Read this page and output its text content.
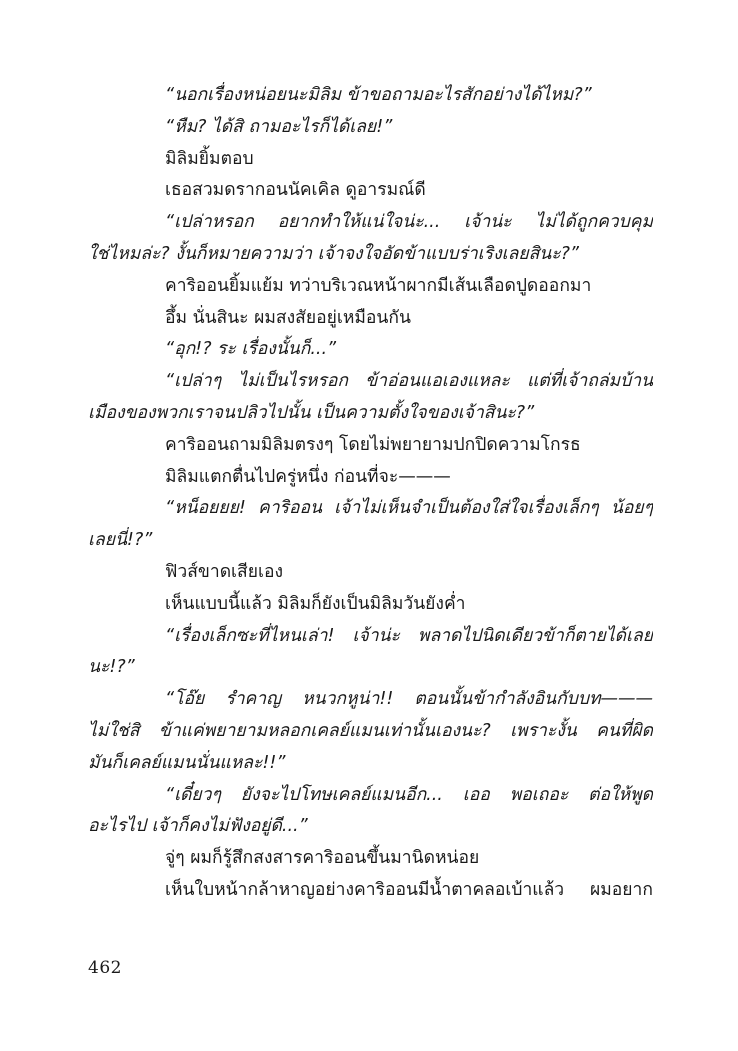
“นอกเรื่องหน่อยนะมิลิม ข้าขอถามอะไรสักอย่างได้ไหม?”
“หืม? ได้สิ ถามอะไรก็ได้เลย!”
มิลิมยิ้มตอบ
เธอสวมดรากอนนัคเคิล ดูอารมณ์ดี
“เปล่าหรอก อยากทำให้แน่ใจน่ะ... เจ้าน่ะ ไม่ได้ถูกควบคุม
ใช่ไหมล่ะ? งั้นก็หมายความว่า เจ้าจงใจอัดข้าแบบร่าเริงเลยสินะ?”
คาริออนยิ้มแย้ม ทว่าบริเวณหน้าผากมีเส้นเลือดปูดออกมา
อึ้ม นั่นสินะ ผมสงสัยอยู่เหมือนกัน
“อุก!? ระ เรื่องนั้นก็...”
“เปล่าๆ ไม่เป็นไรหรอก ข้าอ่อนแอเองแหละ แต่ที่เจ้าถล่มบ้าน
เมืองของพวกเราจนปลิวไปนั้น เป็นความตั้งใจของเจ้าสินะ?”
คาริออนถามมิลิมตรงๆ โดยไม่พยายามปกปิดความโกรธ
มิลิมแตกตื่นไปครู่หนึ่ง ก่อนที่จะ———
“หน็อยยย! คาริออน เจ้าไม่เห็นจำเป็นต้องใส่ใจเรื่องเล็กๆ น้อยๆ
เลยนี่!?”
ฟิวส์ขาดเสียเอง
เห็นแบบนี้แล้ว มิลิมก็ยังเป็นมิลิมวันยังค่ำ
“เรื่องเล็กซะที่ไหนเล่า! เจ้าน่ะ พลาดไปนิดเดียวข้าก็ตายได้เลย
นะ!?”
“โอ๊ย รำคาญ หนวกหูน่า!! ตอนนั้นข้ากำลังอินกับบท———
ไม่ใช่สิ ข้าแค่พยายามหลอกเคลย์แมนเท่านั้นเองนะ? เพราะงั้น คนที่ผิด
มันก็เคลย์แมนนั่นแหละ!!”
“เดี๋ยวๆ ยังจะไปโทษเคลย์แมนอีก... เออ พอเถอะ ต่อให้พูด
อะไรไป เจ้าก็คงไม่ฟังอยู่ดี...”
จู่ๆ ผมก็รู้สึกสงสารคาริออนขึ้นมานิดหน่อย
เห็นใบหน้ากล้าหาญอย่างคาริออนมีน้ำตาคลอเบ้าแล้ว ผมอยาก
462
